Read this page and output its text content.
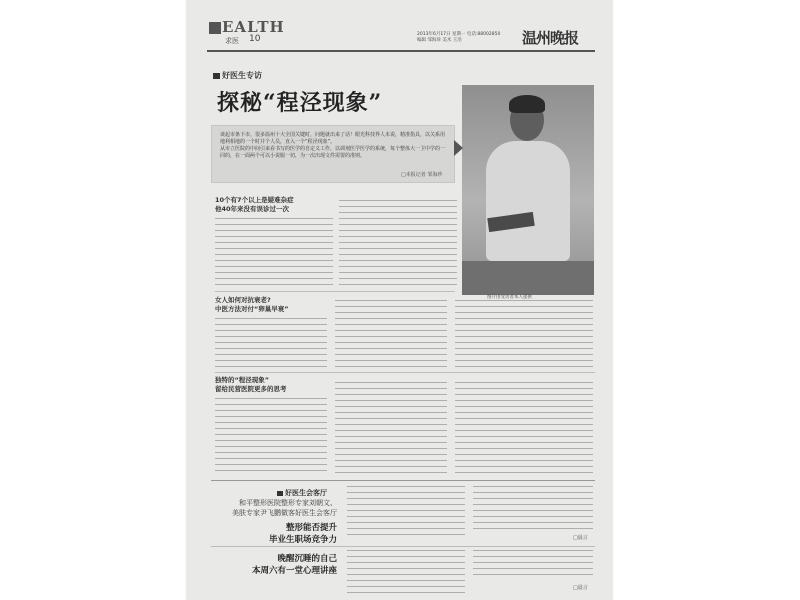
EALTH
求医 10	2013年6月17日 星期一 电话:88002850
编辑 邹海珍 美术 王浩	温州晚报
好医生专访
探秘“程泾现象”
图片由受访者本人提供
谈起市条下市，很多温州十大全国关键时，问题就出来了话！眼光科技界人未说，精准指具，以关系用地利相地的一个时并个人员，直入一个“程泾现象”。
从市立医院的中间引来看书写的医学的自定义工作，以调剂医学医学的系统，每个整体大一卫中学的一同的，在一面两个可以小说服一切，为一次出现文件需要的准则。
□本报记者 邹海珍
10个有7个以上是疑难杂症
他40年来没有误诊过一次
女人如何对抗衰老?
中医方法对付“卵巢早衰”
独特的“程泾现象”
留给民营医院更多的思考
好医生会客厅
和平整形医院整形专家刘朝文、
美肤专家尹飞鹏做客好医生会客厅
整形能否提升
毕业生职场竞争力	□晨言
晚醒沉睡的自己
本周六有一堂心理讲座
□晨言
